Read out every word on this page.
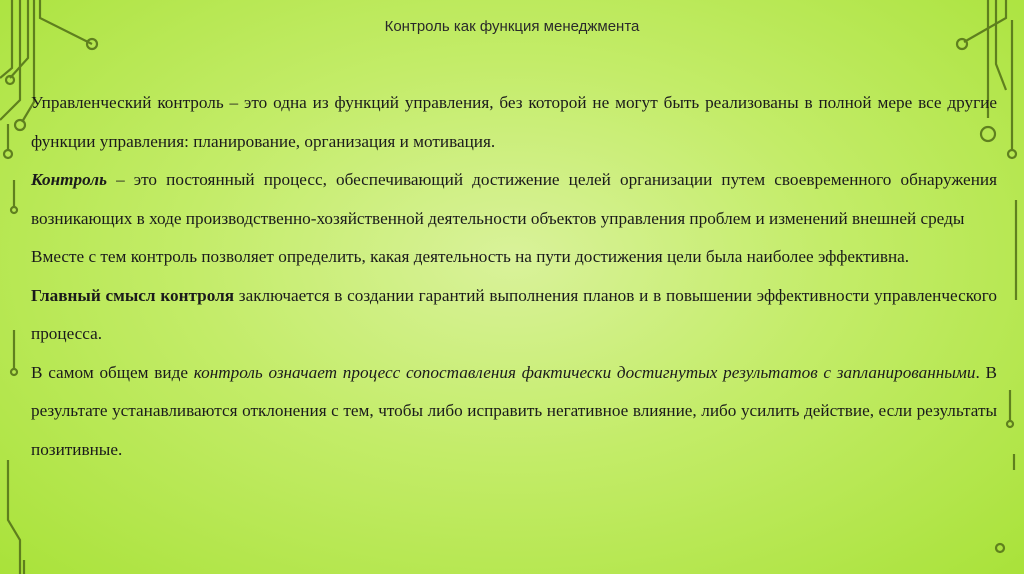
Контроль как функция менеджмента

Управленческий контроль – это одна из функций управления, без которой не могут быть реализованы в полной мере все другие функции управления: планирование, организация и мотивация.

Контроль – это постоянный процесс, обеспечивающий достижение целей организации путем своевременного обнаружения возникающих в ходе производственно-хозяйственной деятельности объектов управления проблем и изменений внешней среды

Вместе с тем контроль позволяет определить, какая деятельность на пути достижения цели была наиболее эффективна.

Главный смысл контроля заключается в создании гарантий выполнения планов и в повышении эффективности управленческого процесса.

В самом общем виде контроль означает процесс сопоставления фактически достигнутых результатов с запланированными. В результате устанавливаются отклонения с тем, чтобы либо исправить негативное влияние, либо усилить действие, если результаты позитивные.
